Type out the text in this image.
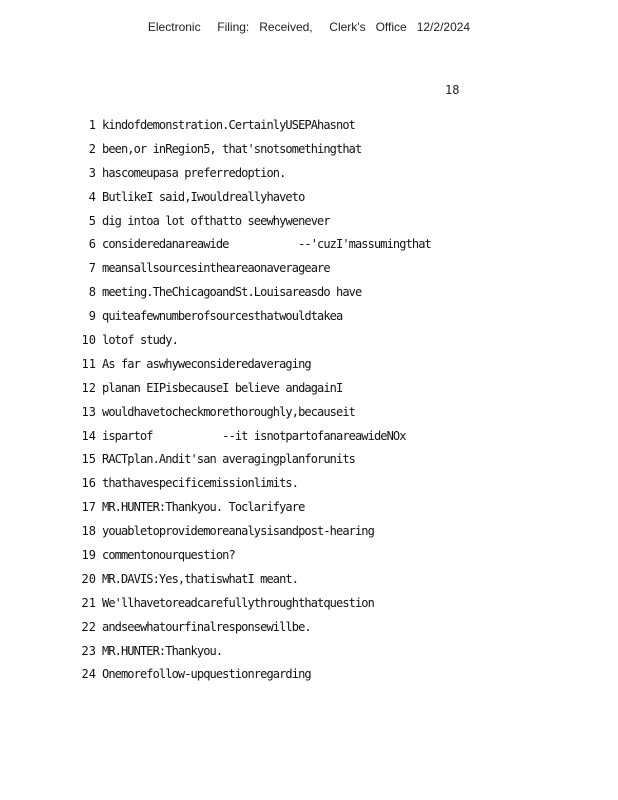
Electronic     Filing:   Received,     Clerk's   Office   12/2/2024
18
1 kindofdemonstration.CertainlyUSEPAhasnot
2 been,or inRegion5, that'snotsomethingthat
3 hascomeupasa preferredoption.
4 ButlikeI said,Iwouldreallyhaveto
5 dig intoa lot ofthatto seewhywenever
6 consideredanareawide           --'cuzI'massumingthat
7 meansallsourcesintheareaonaverageare
8 meeting.TheChicagoandSt.Louisareasdo have
9 quiteafewnumberofsourcesthatwouldtakea
10 lotof study.
11 As far aswhyweconsideredaveraging
12 planan EIPisbecauseI believe andagainI
13 wouldhavetocheckmorethoroughly,becauseit
14 ispartof           --it isnotpartofanareawideNOx
15 RACTplan.Andit'san averagingplanforunits
16 thathavespecificemissionlimits.
17 MR.HUNTER:Thankyou. Toclarifyare
18 youabletoprovidemoreanalysisandpost-hearing
19 commentonourquestion?
20 MR.DAVIS:Yes,thatiswhatI meant.
21 We'llhavetoreadcarefullythroughthatquestion
22 andseewhatourfinalresponsewillbe.
23 MR.HUNTER:Thankyou.
24 Onemorefollow-upquestionregarding
